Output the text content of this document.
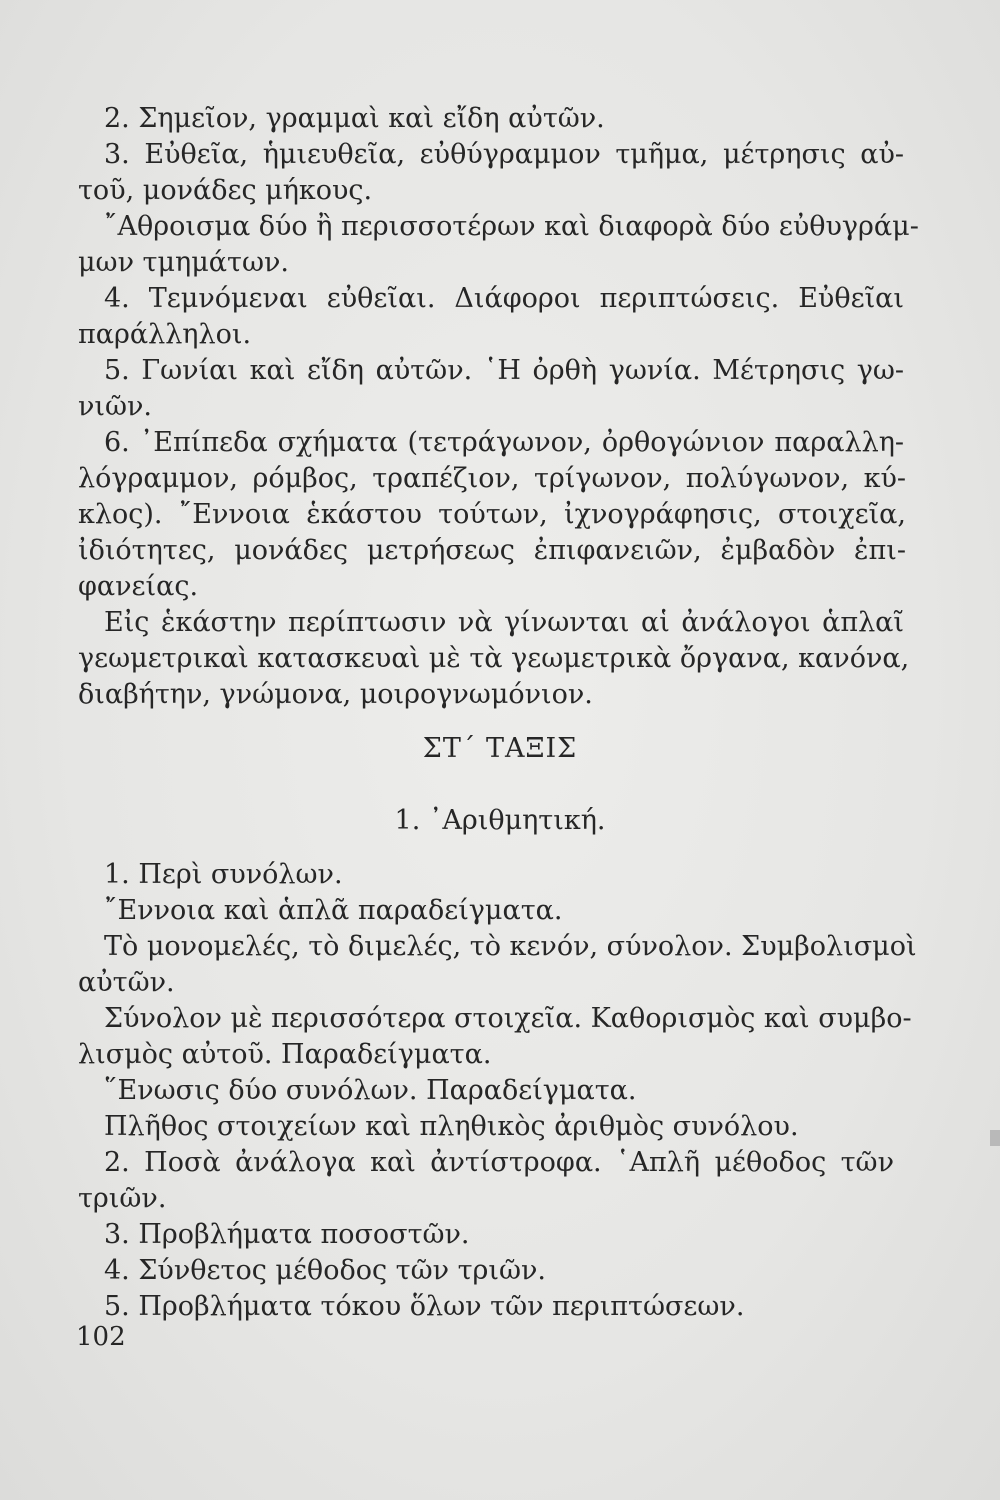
2. Σημεῖον, γραμμαὶ καὶ εἴδη αὐτῶν.
3. Εὐθεῖα, ἡμιευθεῖα, εὐθύγραμμον τμῆμα, μέτρησις αὐ-
τοῦ, μονάδες μήκους.
῎Αθροισμα δύο ἢ περισσοτέρων καὶ διαφορὰ δύο εὐθυγράμ-
μων τμημάτων.
4. Τεμνόμεναι εὐθεῖαι. Διάφοροι περιπτώσεις. Εὐθεῖαι
παράλληλοι.
5. Γωνίαι καὶ εἴδη αὐτῶν. ῾Η ὀρθὴ γωνία. Μέτρησις γω-
νιῶν.
6. ᾿Επίπεδα σχήματα (τετράγωνον, ὀρθογώνιον παραλλη-
λόγραμμον, ρόμβος, τραπέζιον, τρίγωνον, πολύγωνον, κύ-
κλος). ῎Εννοια ἑκάστου τούτων, ἰχνογράφησις, στοιχεῖα,
ἰδιότητες, μονάδες μετρήσεως ἐπιφανειῶν, ἐμβαδὸν ἐπι-
φανείας.
Εἰς ἑκάστην περίπτωσιν νὰ γίνωνται αἱ ἀνάλογοι ἁπλαῖ
γεωμετρικαὶ κατασκευαὶ μὲ τὰ γεωμετρικὰ ὄργανα, κανόνα,
διαβήτην, γνώμονα, μοιρογνωμόνιον.
ΣΤ΄ ΤΑΞΙΣ
1. ᾿Αριθμητική.
1. Περὶ συνόλων.
῎Εννοια καὶ ἁπλᾶ παραδείγματα.
Τὸ μονομελές, τὸ διμελές, τὸ κενόν, σύνολον. Συμβολισμοὶ
αὐτῶν.
Σύνολον μὲ περισσότερα στοιχεῖα. Καθορισμὸς καὶ συμβο-
λισμὸς αὐτοῦ. Παραδείγματα.
῞Ενωσις δύο συνόλων. Παραδείγματα.
Πλῆθος στοιχείων καὶ πληθικὸς ἀριθμὸς συνόλου.
2. Ποσὰ ἀνάλογα καὶ ἀντίστροφα. ῾Απλῆ μέθοδος τῶν
τριῶν.
3. Προβλήματα ποσοστῶν.
4. Σύνθετος μέθοδος τῶν τριῶν.
5. Προβλήματα τόκου ὅλων τῶν περιπτώσεων.
102
